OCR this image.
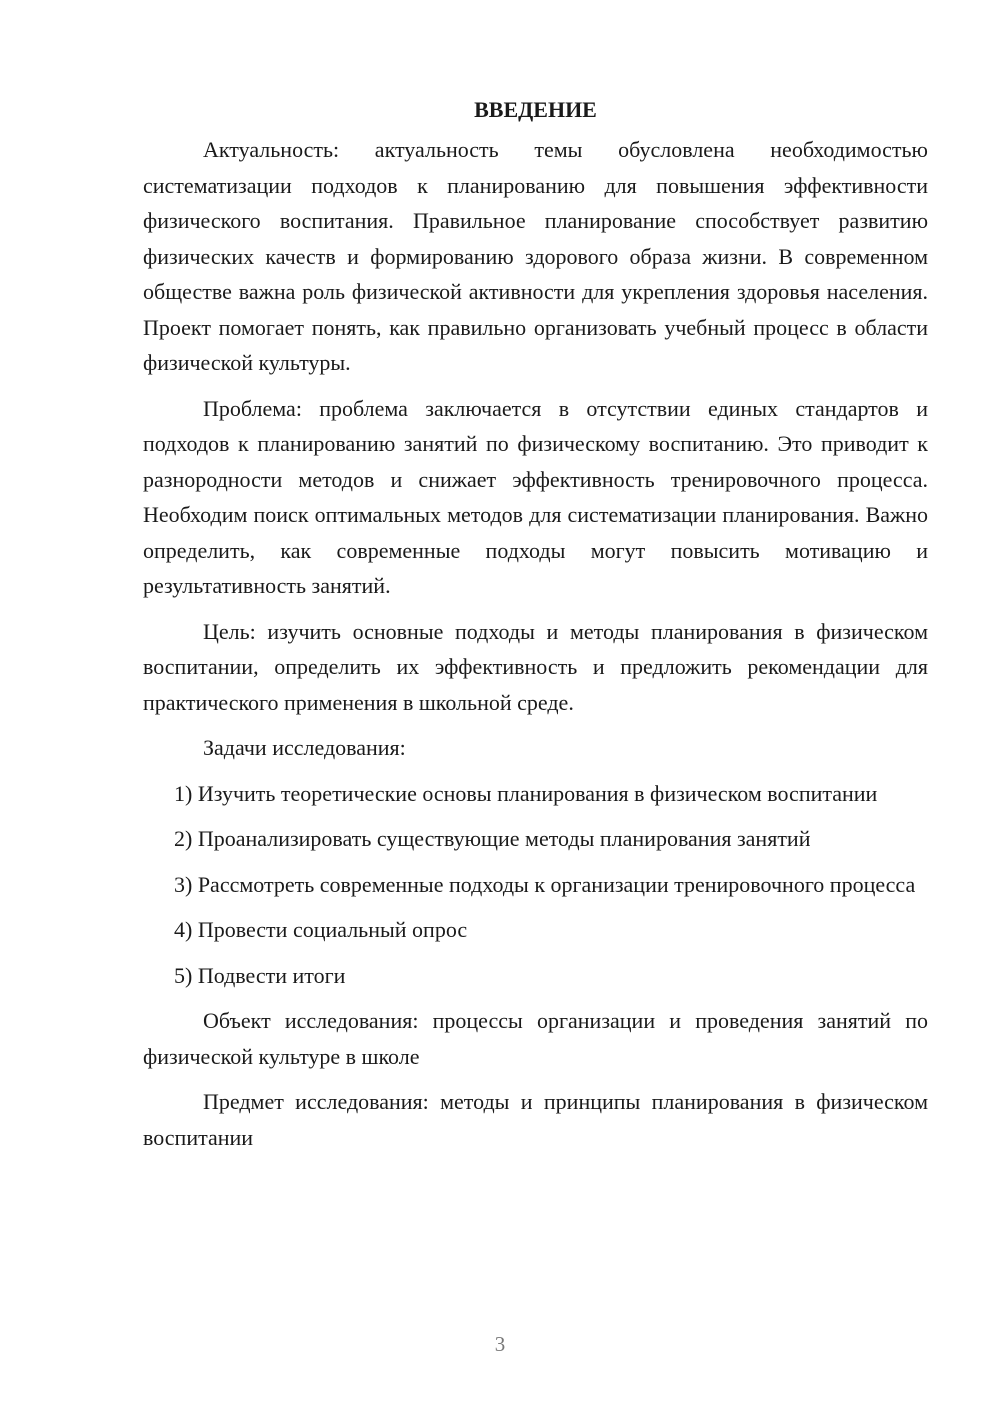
ВВЕДЕНИЕ

Актуальность: актуальность темы обусловлена необходимостью систематизации подходов к планированию для повышения эффективности физического воспитания. Правильное планирование способствует развитию физических качеств и формированию здорового образа жизни. В современном обществе важна роль физической активности для укрепления здоровья населения. Проект помогает понять, как правильно организовать учебный процесс в области физической культуры.

Проблема: проблема заключается в отсутствии единых стандартов и подходов к планированию занятий по физическому воспитанию. Это приводит к разнородности методов и снижает эффективность тренировочного процесса. Необходим поиск оптимальных методов для систематизации планирования. Важно определить, как современные подходы могут повысить мотивацию и результативность занятий.

Цель: изучить основные подходы и методы планирования в физическом воспитании, определить их эффективность и предложить рекомендации для практического применения в школьной среде.

Задачи исследования:

1) Изучить теоретические основы планирования в физическом воспитании

2) Проанализировать существующие методы планирования занятий

3) Рассмотреть современные подходы к организации тренировочного процесса

4) Провести социальный опрос

5) Подвести итоги

Объект исследования: процессы организации и проведения занятий по физической культуре в школе

Предмет исследования: методы и принципы планирования в физическом воспитании

3
